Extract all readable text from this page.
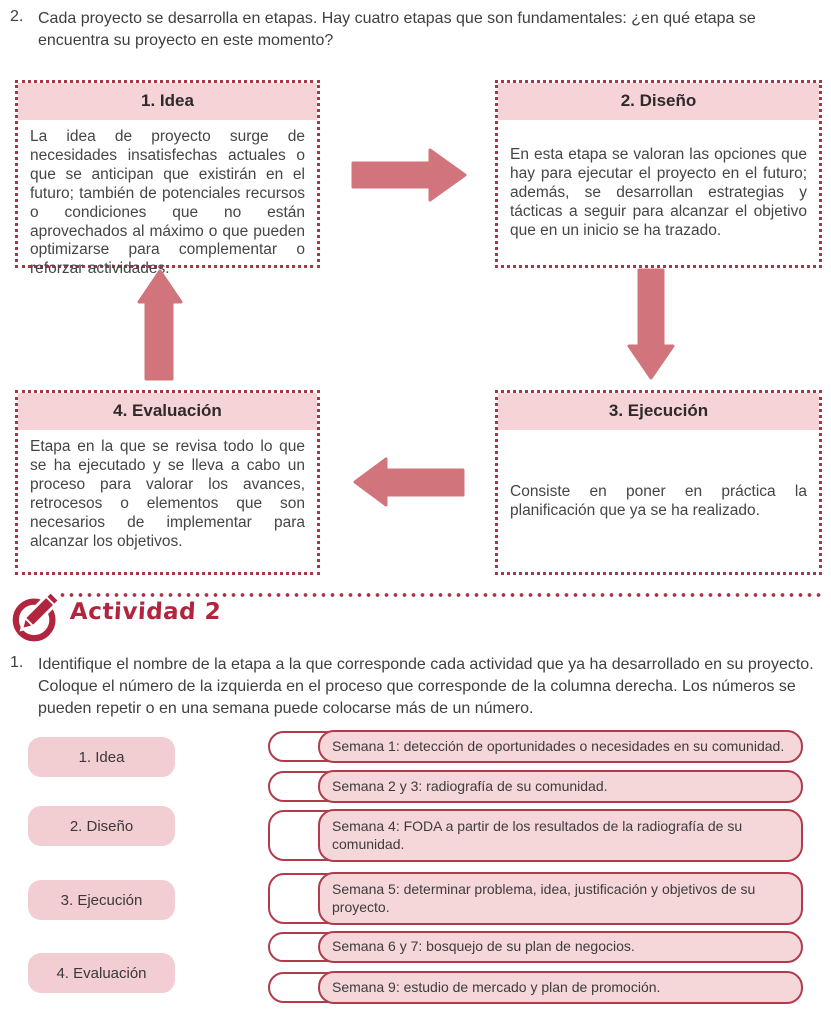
2. Cada proyecto se desarrolla en etapas. Hay cuatro etapas que son fundamentales: ¿en qué etapa se encuentra su proyecto en este momento?
1. Idea
La idea de proyecto surge de necesidades insatisfechas actuales o que se anticipan que existirán en el futuro; también de potenciales recursos o condiciones que no están aprovechados al máximo o que pueden optimizarse para complementar o reforzar actividades.
2. Diseño
En esta etapa se valoran las opciones que hay para ejecutar el proyecto en el futuro; además, se desarrollan estrategias y tácticas a seguir para alcanzar el objetivo que en un inicio se ha trazado.
3. Ejecución
Consiste en poner en práctica la planificación que ya se ha realizado.
4. Evaluación
Etapa en la que se revisa todo lo que se ha ejecutado y se lleva a cabo un proceso para valorar los avances, retrocesos o elementos que son necesarios de implementar para alcanzar los objetivos.
Actividad 2
1. Identifique el nombre de la etapa a la que corresponde cada actividad que ya ha desarrollado en su proyecto. Coloque el número de la izquierda en el proceso que corresponde de la columna derecha. Los números se pueden repetir o en una semana puede colocarse más de un número.
1. Idea
2. Diseño
3. Ejecución
4. Evaluación
Semana 1: detección de oportunidades o necesidades en su comunidad.
Semana 2 y 3: radiografía de su comunidad.
Semana 4: FODA a partir de los resultados de la radiografía de su comunidad.
Semana 5: determinar problema, idea, justificación y objetivos de su proyecto.
Semana 6 y 7: bosquejo de su plan de negocios.
Semana 9: estudio de mercado y plan de promoción.
